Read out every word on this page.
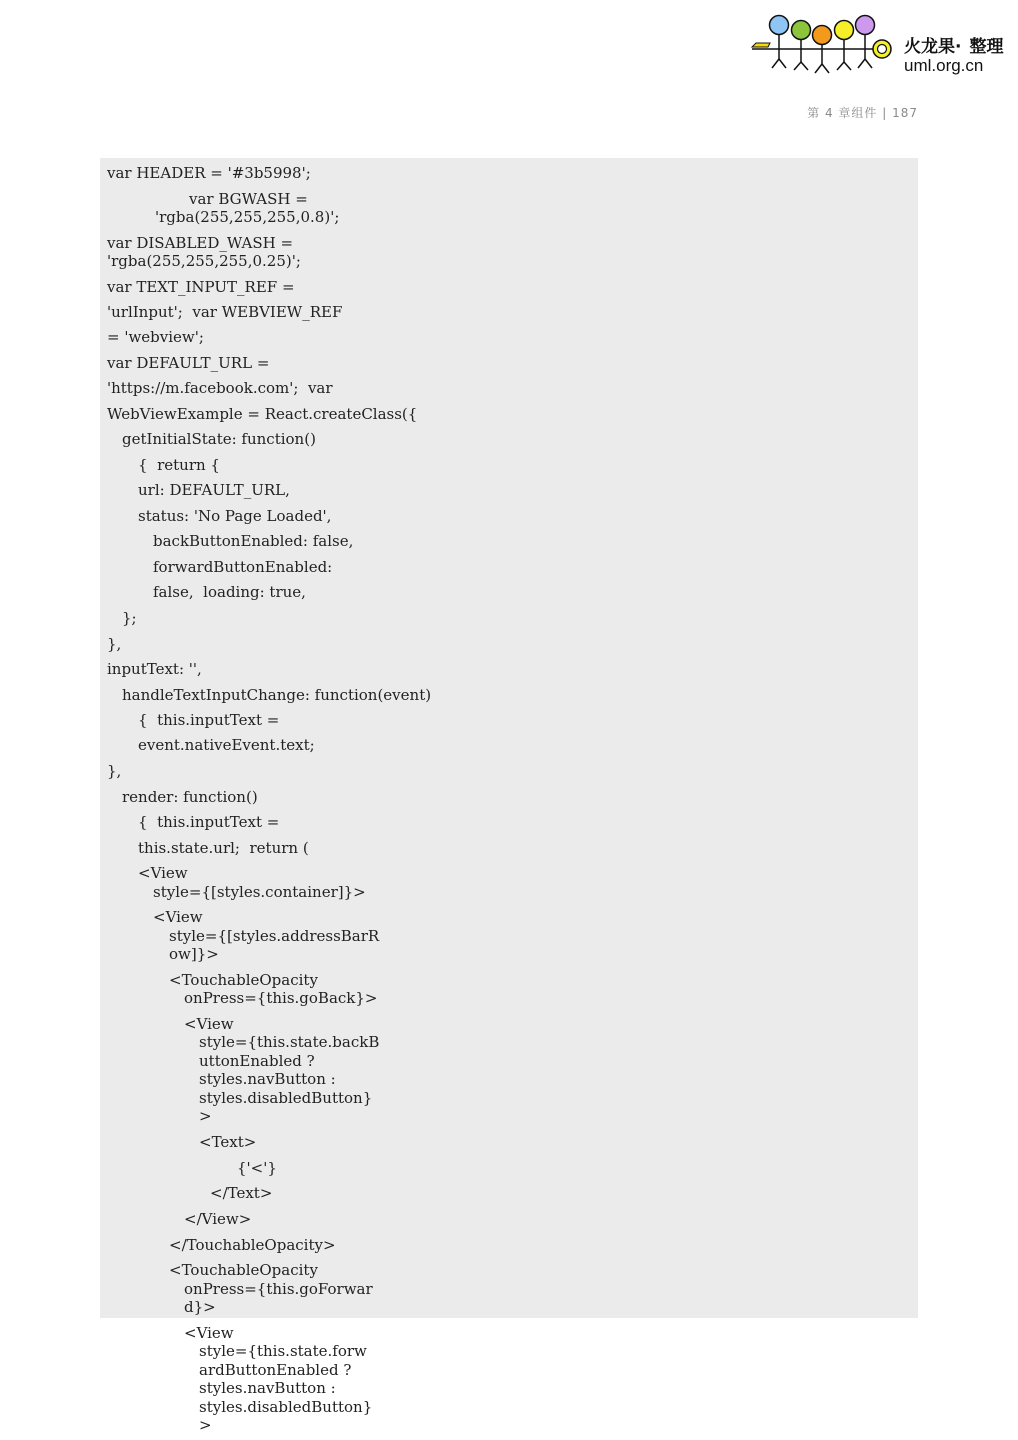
火龙果· 整理
uml.org.cn
第 4 章组件 | 187

var HEADER = '#3b5998';

var BGWASH =

'rgba(255,255,255,0.8)';

var DISABLED_WASH =

'rgba(255,255,255,0.25)';

var TEXT_INPUT_REF =

'urlInput';  var WEBVIEW_REF

= 'webview';

var DEFAULT_URL =

'https://m.facebook.com';  var

WebViewExample = React.createClass({

getInitialState: function()

{  return {

url: DEFAULT_URL,

status: 'No Page Loaded',

backButtonEnabled: false,

forwardButtonEnabled:

false,  loading: true,

};

},

inputText: '',

handleTextInputChange: function(event)

{  this.inputText =

event.nativeEvent.text;

},

render: function()

{  this.inputText =

this.state.url;  return (

<View

style={[styles.container]}>

<View

style={[styles.addressBarR

ow]}>

<TouchableOpacity

onPress={this.goBack}>

<View

style={this.state.backB

uttonEnabled ?

styles.navButton :

styles.disabledButton}

>

<Text>

{'<'}

</Text>

</View>

</TouchableOpacity>

<TouchableOpacity

onPress={this.goForwar

d}>

<View

style={this.state.forw

ardButtonEnabled ?

styles.navButton :

styles.disabledButton}

>
